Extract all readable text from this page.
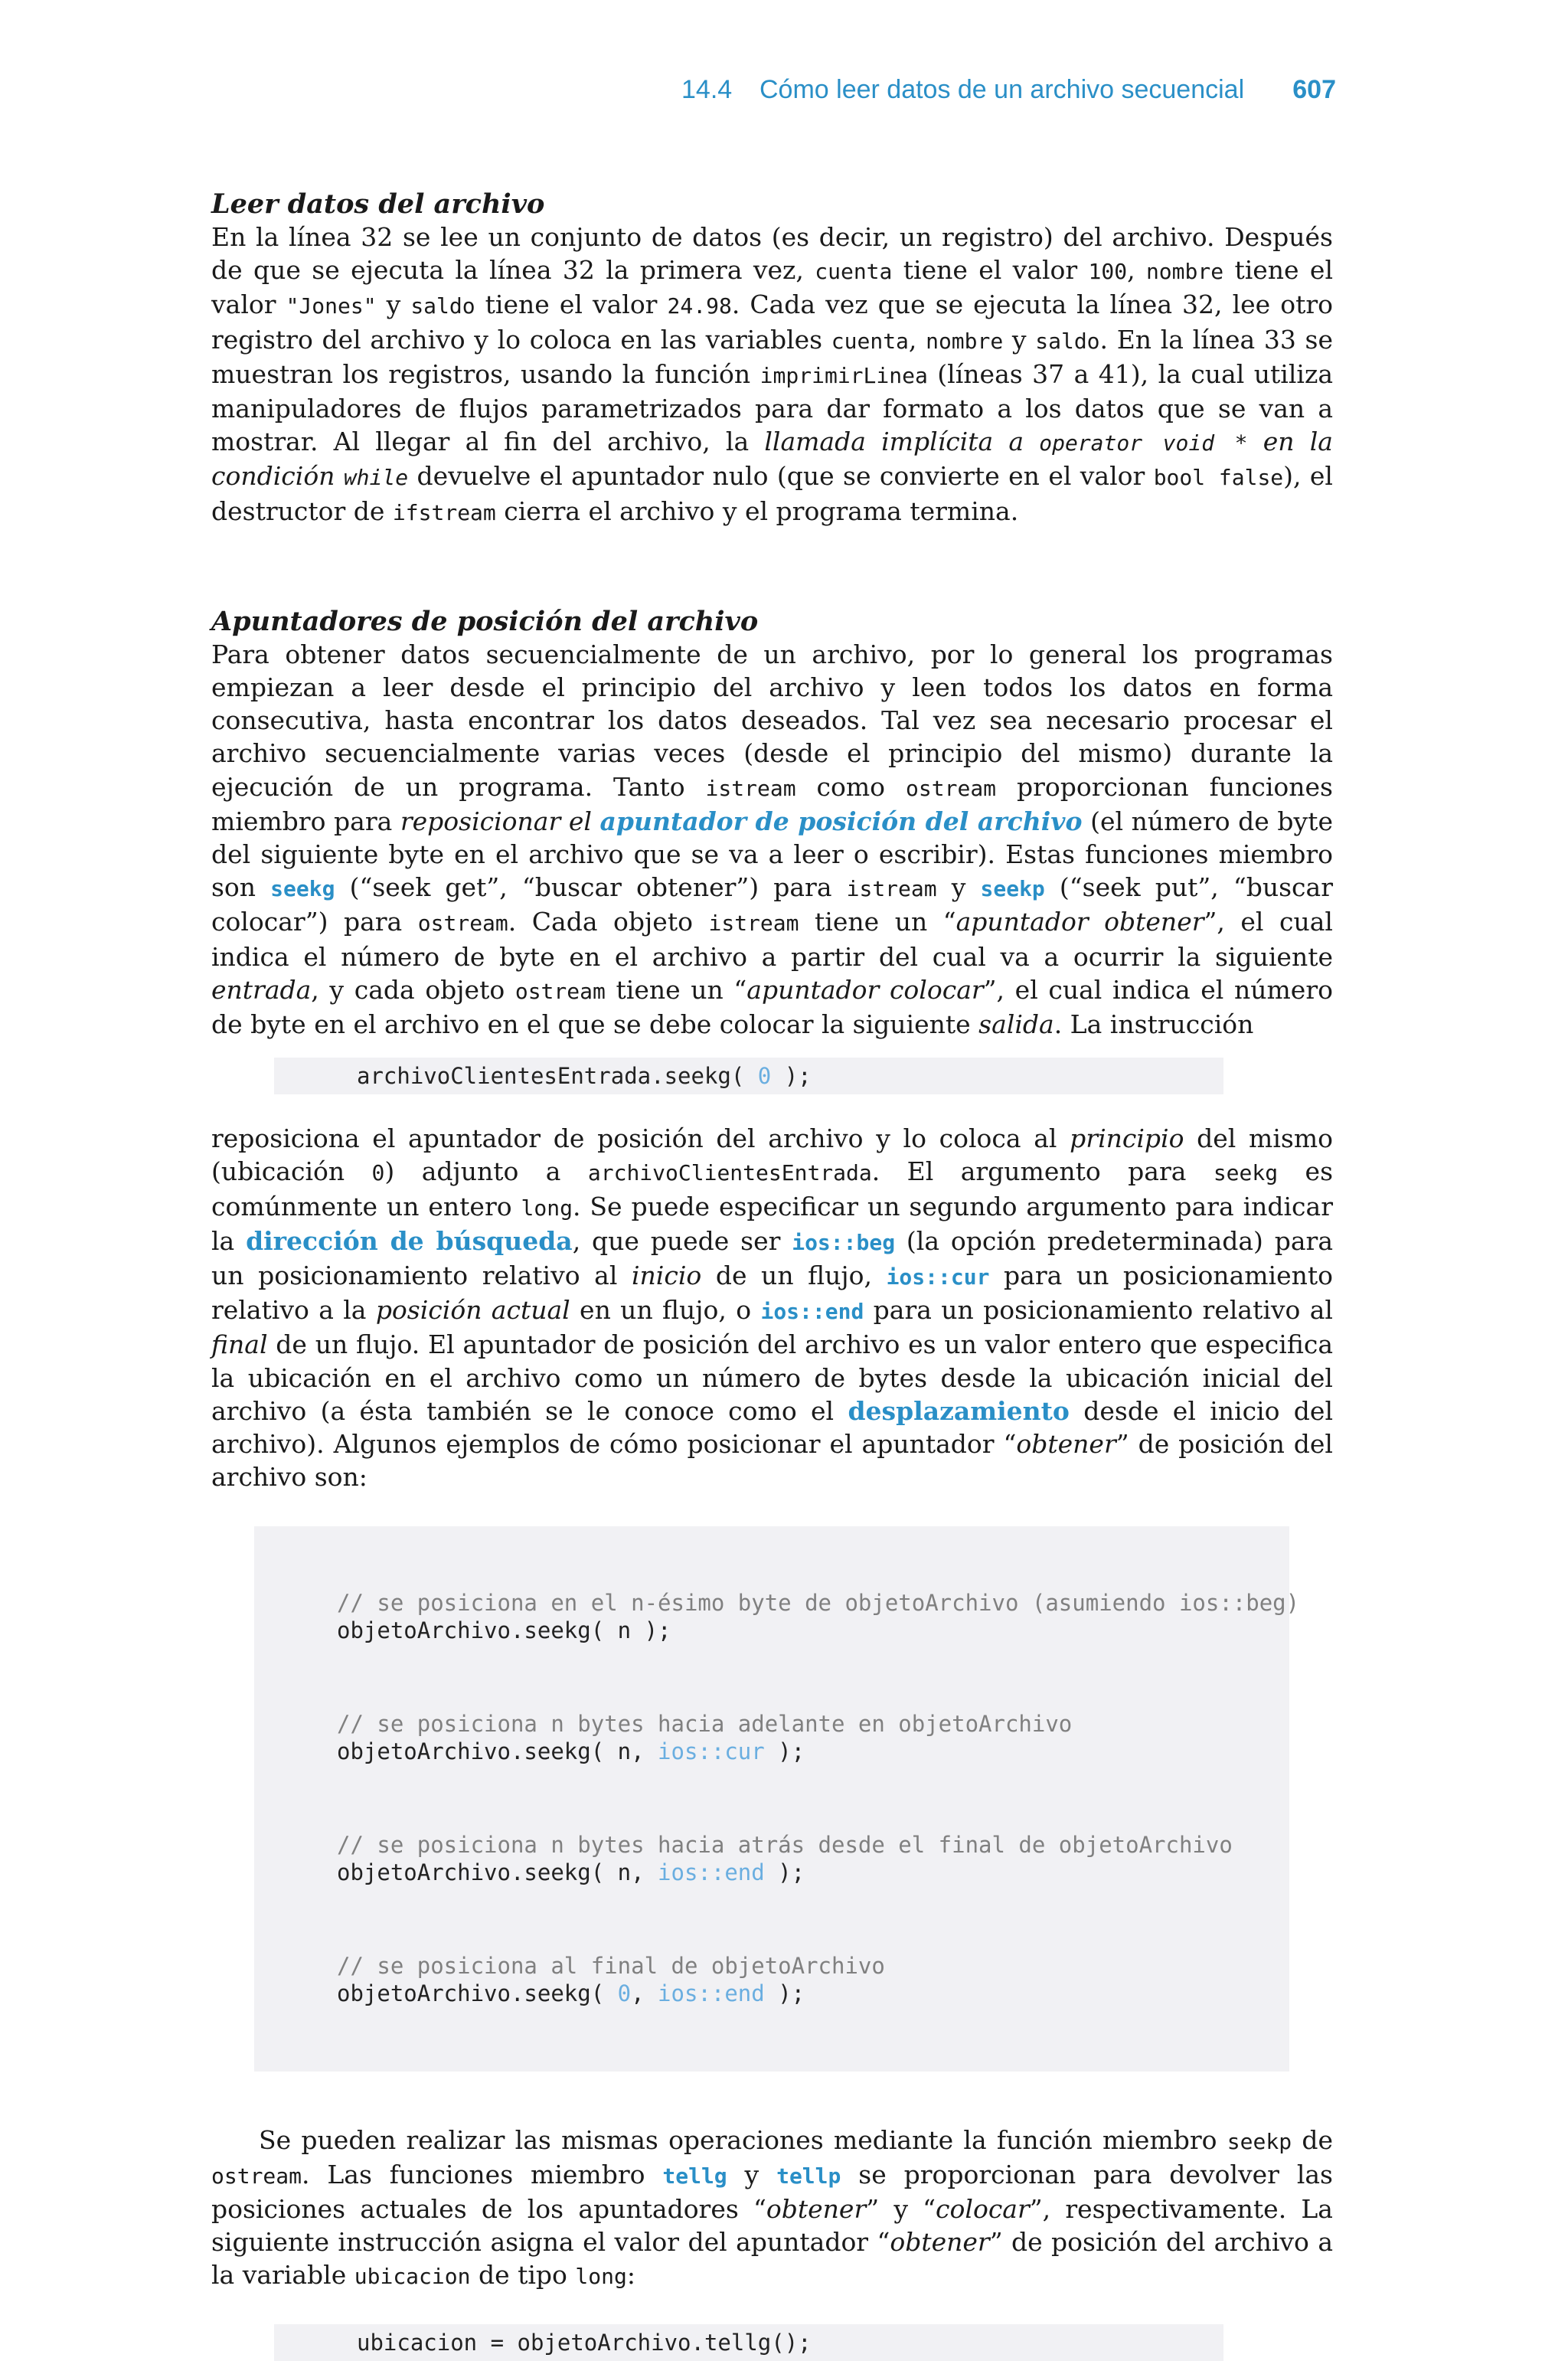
14.4 Cómo leer datos de un archivo secuencial 607
Leer datos del archivo

En la línea 32 se lee un conjunto de datos (es decir, un registro) del archivo. Después de que se ejecuta la línea 32 la primera vez, cuenta tiene el valor 100, nombre tiene el valor "Jones" y saldo tiene el valor 24.98. Cada vez que se ejecuta la línea 32, lee otro registro del archivo y lo coloca en las variables cuenta, nombre y saldo. En la línea 33 se muestran los registros, usando la función imprimirLinea (líneas 37 a 41), la cual utiliza manipuladores de flujos parametrizados para dar formato a los datos que se van a mostrar. Al llegar al fin del archivo, la llamada implícita a operator void * en la condición while devuelve el apuntador nulo (que se convierte en el valor bool false), el destructor de ifstream cierra el archivo y el programa termina.

Apuntadores de posición del archivo

Para obtener datos secuencialmente de un archivo, por lo general los programas empiezan a leer desde el principio del archivo y leen todos los datos en forma consecutiva, hasta encontrar los datos deseados. Tal vez sea necesario procesar el archivo secuencialmente varias veces (desde el principio del mismo) durante la ejecución de un programa. Tanto istream como ostream proporcionan funciones miembro para reposicionar el apuntador de posición del archivo (el número de byte del siguiente byte en el archivo que se va a leer o escribir). Estas funciones miembro son seekg (“seek get”, “buscar obtener”) para istream y seekp (“seek put”, “buscar colocar”) para ostream. Cada objeto istream tiene un “apuntador obtener”, el cual indica el número de byte en el archivo a partir del cual va a ocurrir la siguiente entrada, y cada objeto ostream tiene un “apuntador colocar”, el cual indica el número de byte en el archivo en el que se debe colocar la siguiente salida. La instrucción

archivoClientesEntrada.seekg( 0 );

reposiciona el apuntador de posición del archivo y lo coloca al principio del mismo (ubicación 0) adjunto a archivoClientesEntrada. El argumento para seekg es comúnmente un entero long. Se puede especificar un segundo argumento para indicar la dirección de búsqueda, que puede ser ios::beg (la opción predeterminada) para un posicionamiento relativo al inicio de un flujo, ios::cur para un posicionamiento relativo a la posición actual en un flujo, o ios::end para un posicionamiento relativo al final de un flujo. El apuntador de posición del archivo es un valor entero que especifica la ubicación en el archivo como un número de bytes desde la ubicación inicial del archivo (a ésta también se le conoce como el desplazamiento desde el inicio del archivo). Algunos ejemplos de cómo posicionar el apuntador “obtener” de posición del archivo son:

// se posiciona en el n-ésimo byte de objetoArchivo (asumiendo ios::beg)
objetoArchivo.seekg( n );

// se posiciona n bytes hacia adelante en objetoArchivo
objetoArchivo.seekg( n, ios::cur );

// se posiciona n bytes hacia atrás desde el final de objetoArchivo
objetoArchivo.seekg( n, ios::end );

// se posiciona al final de objetoArchivo
objetoArchivo.seekg( 0, ios::end );

Se pueden realizar las mismas operaciones mediante la función miembro seekp de ostream. Las funciones miembro tellg y tellp se proporcionan para devolver las posiciones actuales de los apuntadores “obtener” y “colocar”, respectivamente. La siguiente instrucción asigna el valor del apuntador “obtener” de posición del archivo a la variable ubicacion de tipo long:

ubicacion = objetoArchivo.tellg();
